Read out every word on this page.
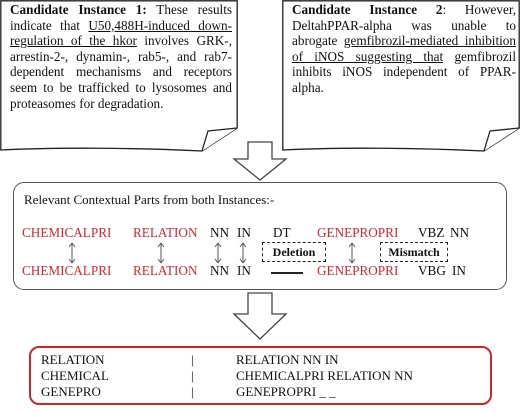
Candidate Instance 1: These results indicate that U50,488H-induced down-regulation of the hkor involves GRK-, arrestin-2-, dynamin-, rab5-, and rab7-dependent mechanisms and receptors seem to be trafficked to lysosomes and proteasomes for degradation.
Candidate Instance 2: However, DeltahPPAR-alpha was unable to abrogate gemfibrozil-mediated inhibition of iNOS suggesting that gemfibrozil inhibits iNOS independent of PPAR-alpha.
Relevant Contextual Parts from both Instances:-
CHEMICALPRI RELATION NN IN DT GENEPROPRI VBZ NN
Deletion	Mismatch
CHEMICALPRI RELATION NN IN	GENEPROPRI VBG IN
RELATION	|	RELATION NN IN
CHEMICAL	|	CHEMICALPRI RELATION NN
GENEPRO	|	GENEPROPRI _ _
